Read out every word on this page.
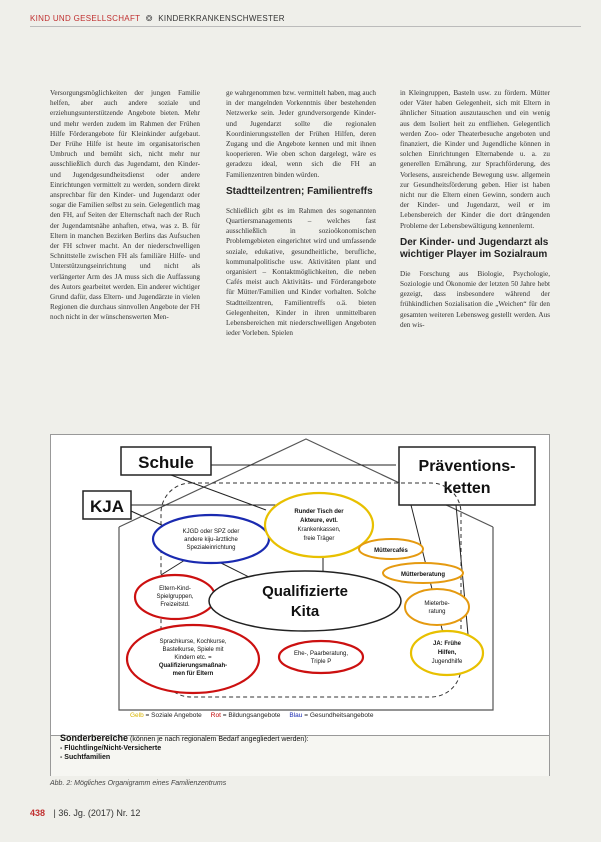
KIND UND GESELLSCHAFT ❂ KINDERKRANKENSCHWESTER

Versorgungsmöglichkeiten der jungen Familie helfen, aber auch andere soziale und erziehungsunterstützende Angebote bieten. Mehr und mehr werden zudem im Rahmen der Frühen Hilfe Förderangebote für Kleinkinder aufgebaut. Der Frühe Hilfe ist heute im organisatorischen Umbruch und bemüht sich, nicht mehr nur ausschließlich durch das Jugendamt, den Kinder- und Jugendgesundheitsdienst oder andere Einrichtungen vermittelt zu werden, sondern direkt ansprechbar für den Kinder- und Jugendarzt oder sogar die Familien selbst zu sein. Gelegentlich mag den FH, auf Seiten der Elternschaft nach der Ruch der Jugendamtsnähe anhaften, etwa, was z. B. für Eltern in manchen Bezirken Berlins das Aufsuchen der FH schwer macht. An der niederschwelligen Schnittstelle zwischen FH als familiäre Hilfe- und Unterstützungseinrichtung und nicht als verlängerter Arm des JA muss sich die Auffassung des Autors gearbeitet werden. Ein anderer wichtiger Grund dafür, dass Eltern- und Jugendärzte in vielen Regionen die durchaus sinnvollen Angebote der FH noch nicht in der wünschenswerten Men-

ge wahrgenommen bzw. vermittelt haben, mag auch in der mangelnden Vorkenntnis über bestehenden Netzwerke sein. Jeder grundversorgende Kinder- und Jugendarzt sollte die regionalen Koordinierungsstellen der Frühen Hilfen, deren Zugang und die Angebote kennen und mit ihnen kooperieren. Wie oben schon dargelegt, wäre es geradezu ideal, wenn sich die FH an Familienzentren binden würden.

Stadtteilzentren; Familientreffs

Schließlich gibt es im Rahmen des sogenannten Quartiersmanagements – welches fast ausschließlich in sozioökonomischen Problemgebieten eingerichtet wird und umfassende soziale, edukative, gesundheitliche, berufliche, kommunalpolitische usw. Aktivitäten plant und organisiert – Kontaktmöglichkeiten, die neben Cafés meist auch Aktivitäts- und Förderangebote für Mütter/Familien und Kinder vorhalten. Solche Stadtteilzentren, Familientreffs o.ä. bieten Gelegenheiten, Kinder in ihren unmittelbaren Lebensbereichen mit niederschwelligen Angeboten ieder Vorleben. Spielen

in Kleingruppen, Basteln usw. zu fördern. Mütter oder Väter haben Gelegenheit, sich mit Eltern in ähnlicher Situation auszutauschen und ein wenig aus dem Isoliert heit zu entfliehen. Gelegentlich werden Zoo- oder Theaterbesuche angeboten und finanziert, die Kinder und Jugendliche können in solchen Einrichtungen Elternabende u. a. zu generellen Ernährung, zur Sprachförderung, des Vorlesens, ausreichende Bewegung usw. allgemein zur Gesundheitsförderung geben. Hier ist haben nicht nur die Eltern einen Gewinn, sondern auch der Kinder- und Jugendarzt, weil er im Lebensbereich der Kinder die dort drängenden Probleme der Lebensbewältigung kennenlernt.

Der Kinder- und Jugendarzt als wichtiger Player im Sozialraum

Die Forschung aus Biologie, Psychologie, Soziologie und Ökonomie der letzten 50 Jahre hebt gezeigt, dass insbesondere während der frühkindlichen Sozialisation die „Weichen“ für den gesamten weiteren Lebensweg gestellt werden. Aus den wis-

Schule	Präventions-
ketten
KJA
KJGD oder SPZ oder
andere kiju-ärztliche
Spezialeinrichtung
Runder Tisch der
Akteure, evtl.
Krankenkassen,
freie Träger
Müttercafés
Mütterberatung
Eltern-Kind-
Spielgruppen,
Freizeitstd.
Qualifizierte
Kita	Mieterbe-
ratung
Sprachkurse, Kochkurse,
Bastelkurse, Spiele mit
Kindern etc. =
Qualifizierungsmaßnah-
men für Eltern
Ehe-, Paarberatung,
Triple P
JA: Frühe
Hilfen,
Jugendhilfe
Gelb = Soziale Angebote Rot = Bildungsangebote Blau = Gesundheitsangebote
Sonderbereiche (können je nach regionalem Bedarf angegliedert werden):
- Flüchtlinge/Nicht-Versicherte
- Suchtfamilien
Abb. 2: Mögliches Organigramm eines Familienzentrums
438 | 36. Jg. (2017) Nr. 12
